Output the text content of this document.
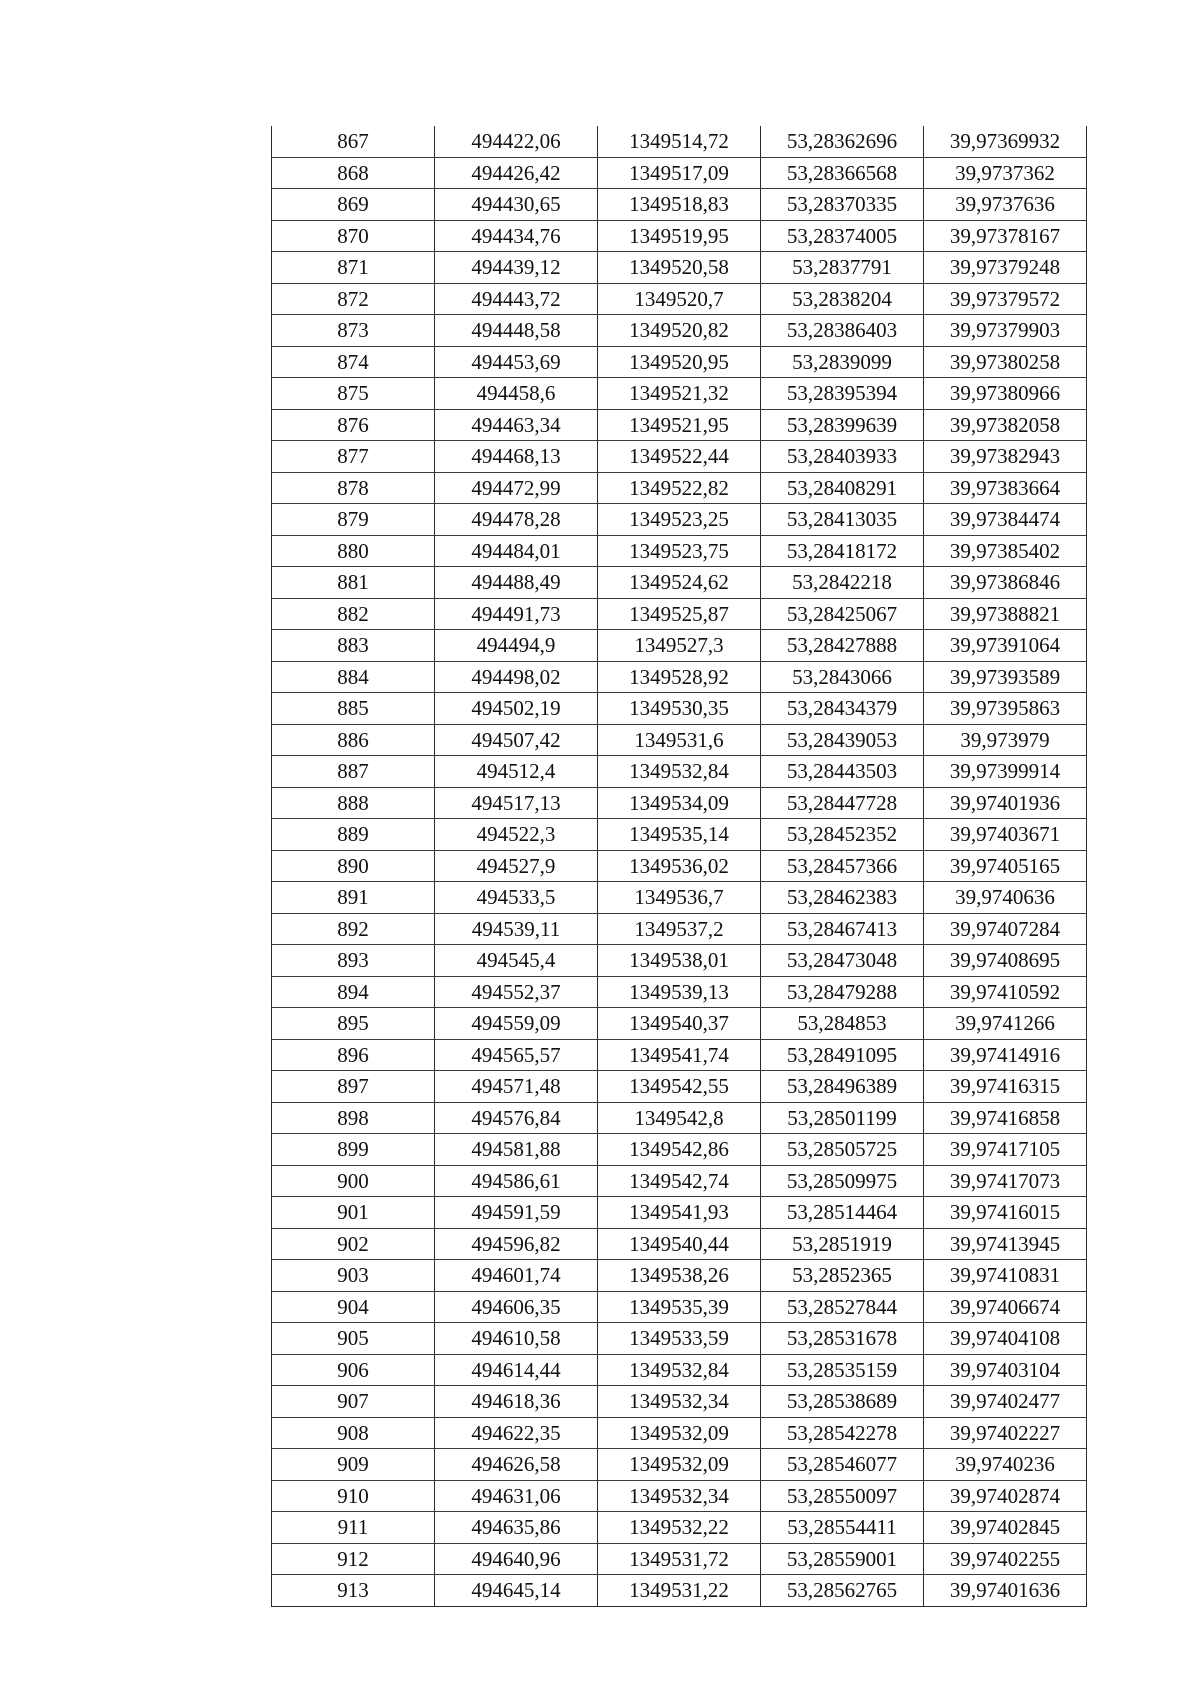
867	494422,06	1349514,72	53,28362696	39,97369932
868	494426,42	1349517,09	53,28366568	39,9737362
869	494430,65	1349518,83	53,28370335	39,9737636
870	494434,76	1349519,95	53,28374005	39,97378167
871	494439,12	1349520,58	53,2837791	39,97379248
872	494443,72	1349520,7	53,2838204	39,97379572
873	494448,58	1349520,82	53,28386403	39,97379903
874	494453,69	1349520,95	53,2839099	39,97380258
875	494458,6	1349521,32	53,28395394	39,97380966
876	494463,34	1349521,95	53,28399639	39,97382058
877	494468,13	1349522,44	53,28403933	39,97382943
878	494472,99	1349522,82	53,28408291	39,97383664
879	494478,28	1349523,25	53,28413035	39,97384474
880	494484,01	1349523,75	53,28418172	39,97385402
881	494488,49	1349524,62	53,2842218	39,97386846
882	494491,73	1349525,87	53,28425067	39,97388821
883	494494,9	1349527,3	53,28427888	39,97391064
884	494498,02	1349528,92	53,2843066	39,97393589
885	494502,19	1349530,35	53,28434379	39,97395863
886	494507,42	1349531,6	53,28439053	39,973979
887	494512,4	1349532,84	53,28443503	39,97399914
888	494517,13	1349534,09	53,28447728	39,97401936
889	494522,3	1349535,14	53,28452352	39,97403671
890	494527,9	1349536,02	53,28457366	39,97405165
891	494533,5	1349536,7	53,28462383	39,9740636
892	494539,11	1349537,2	53,28467413	39,97407284
893	494545,4	1349538,01	53,28473048	39,97408695
894	494552,37	1349539,13	53,28479288	39,97410592
895	494559,09	1349540,37	53,284853	39,9741266
896	494565,57	1349541,74	53,28491095	39,97414916
897	494571,48	1349542,55	53,28496389	39,97416315
898	494576,84	1349542,8	53,28501199	39,97416858
899	494581,88	1349542,86	53,28505725	39,97417105
900	494586,61	1349542,74	53,28509975	39,97417073
901	494591,59	1349541,93	53,28514464	39,97416015
902	494596,82	1349540,44	53,2851919	39,97413945
903	494601,74	1349538,26	53,2852365	39,97410831
904	494606,35	1349535,39	53,28527844	39,97406674
905	494610,58	1349533,59	53,28531678	39,97404108
906	494614,44	1349532,84	53,28535159	39,97403104
907	494618,36	1349532,34	53,28538689	39,97402477
908	494622,35	1349532,09	53,28542278	39,97402227
909	494626,58	1349532,09	53,28546077	39,9740236
910	494631,06	1349532,34	53,28550097	39,97402874
911	494635,86	1349532,22	53,28554411	39,97402845
912	494640,96	1349531,72	53,28559001	39,97402255
913	494645,14	1349531,22	53,28562765	39,97401636
